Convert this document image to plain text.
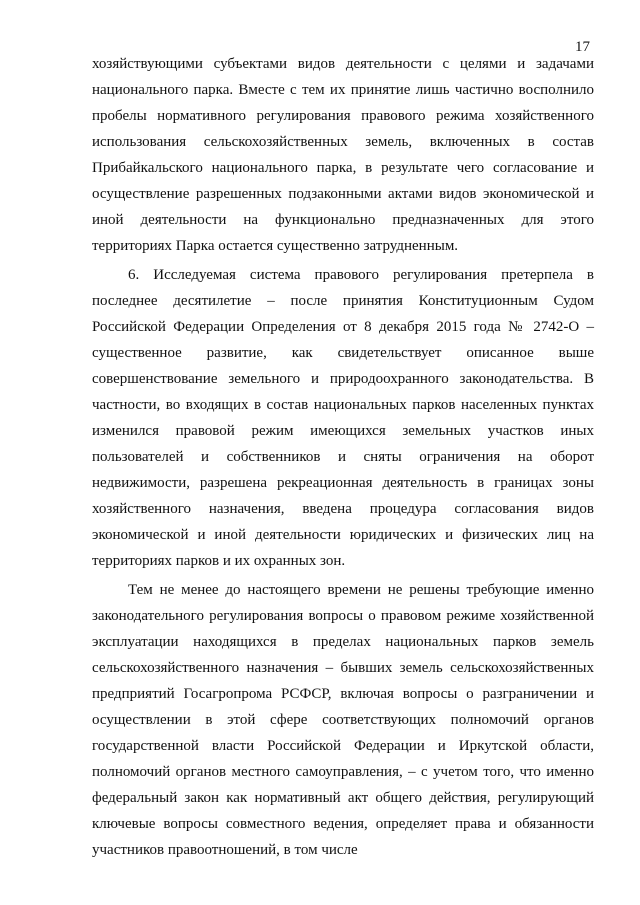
17

хозяйствующими субъектами видов деятельности с целями и задачами национального парка. Вместе с тем их принятие лишь частично восполнило пробелы нормативного регулирования правового режима хозяйственного использования сельскохозяйственных земель, включенных в состав Прибайкальского национального парка, в результате чего согласование и осуществление разрешенных подзаконными актами видов экономической и иной деятельности на функционально предназначенных для этого территориях Парка остается существенно затрудненным.

6. Исследуемая система правового регулирования претерпела в последнее десятилетие – после принятия Конституционным Судом Российской Федерации Определения от 8 декабря 2015 года № 2742-О – существенное развитие, как свидетельствует описанное выше совершенствование земельного и природоохранного законодательства. В частности, во входящих в состав национальных парков населенных пунктах изменился правовой режим имеющихся земельных участков иных пользователей и собственников и сняты ограничения на оборот недвижимости, разрешена рекреационная деятельность в границах зоны хозяйственного назначения, введена процедура согласования видов экономической и иной деятельности юридических и физических лиц на территориях парков и их охранных зон.

Тем не менее до настоящего времени не решены требующие именно законодательного регулирования вопросы о правовом режиме хозяйственной эксплуатации находящихся в пределах национальных парков земель сельскохозяйственного назначения – бывших земель сельскохозяйственных предприятий Госагропрома РСФСР, включая вопросы о разграничении и осуществлении в этой сфере соответствующих полномочий органов государственной власти Российской Федерации и Иркутской области, полномочий органов местного самоуправления, – с учетом того, что именно федеральный закон как нормативный акт общего действия, регулирующий ключевые вопросы совместного ведения, определяет права и обязанности участников правоотношений, в том числе
